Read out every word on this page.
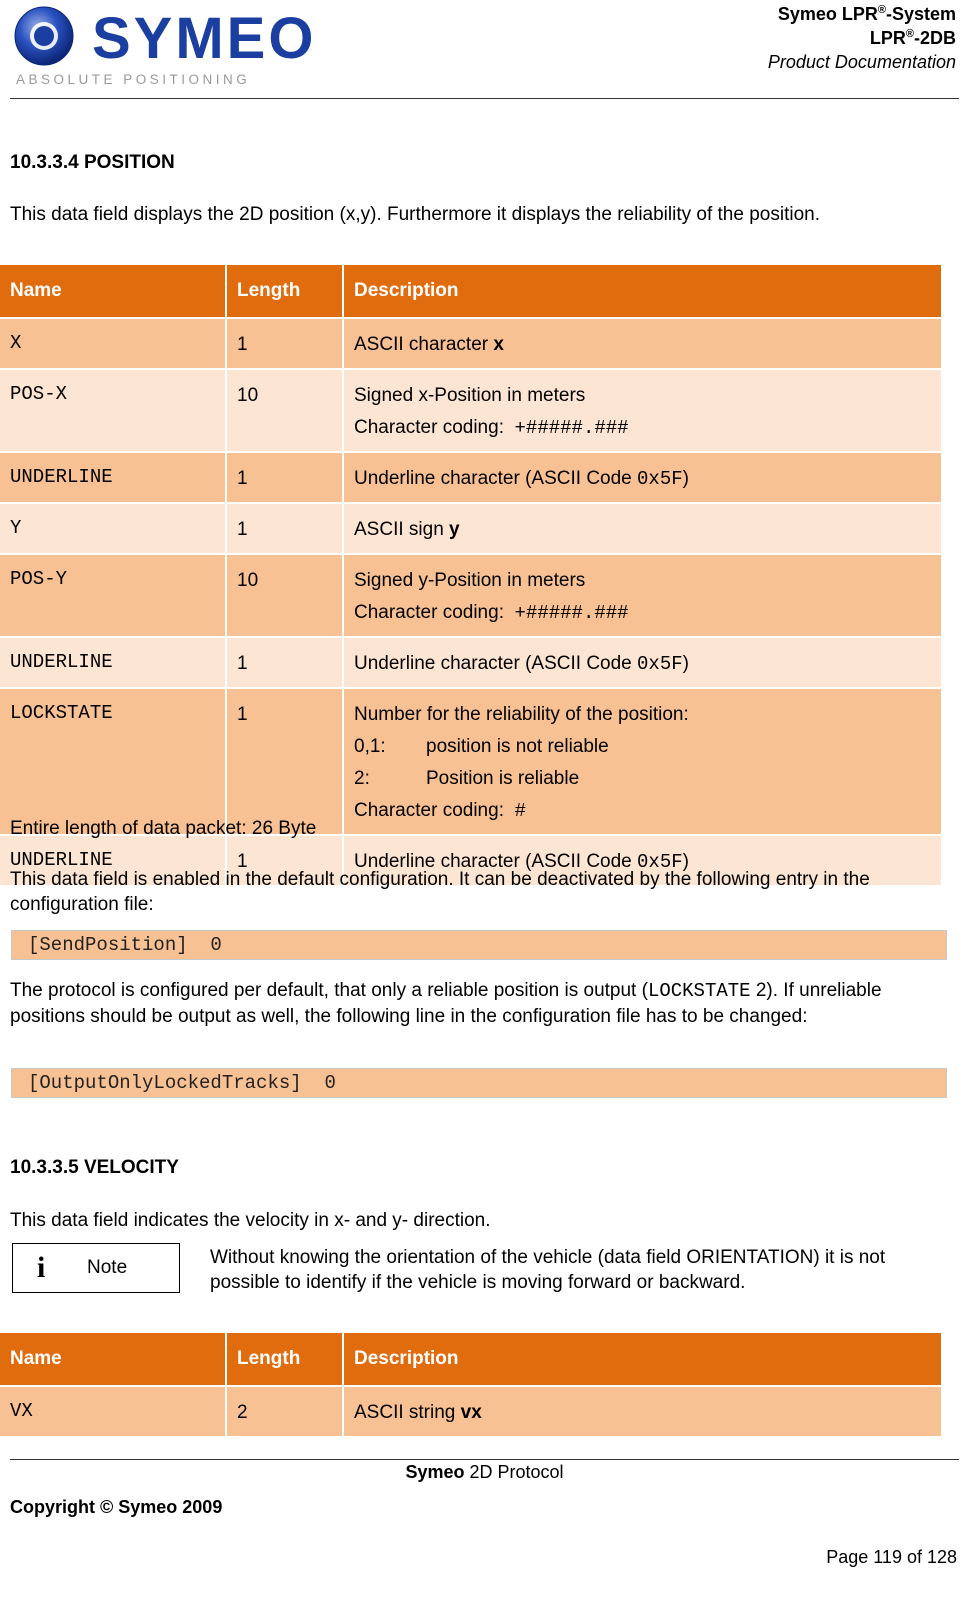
SYMEO
ABSOLUTE POSITIONING
Symeo LPR®-System
LPR®-2DB
Product Documentation
10.3.3.4 POSITION
This data field displays the 2D position (x,y). Furthermore it displays the reliability of the position.
Name	Length	Description
X	1	ASCII character x
POS-X	10	Signed x-Position in meters
Character coding: +#####.###

UNDERLINE	1	Underline character (ASCII Code 0x5F)
Y	1	ASCII sign y
POS-Y	10	Signed y-Position in meters
Character coding: +#####.###

UNDERLINE	1	Underline character (ASCII Code 0x5F)
LOCKSTATE	1	Number for the reliability of the position:
0,1: position is not reliable
2: Position is reliable
Character coding: #

UNDERLINE	1	Underline character (ASCII Code 0x5F)
Entire length of data packet: 26 Byte
This data field is enabled in the default configuration. It can be deactivated by the following entry in the configuration file:
[SendPosition]  0
The protocol is configured per default, that only a reliable position is output (LOCKSTATE 2). If unreliable positions should be output as well, the following line in the configuration file has to be changed:
[OutputOnlyLockedTracks]  0
10.3.3.5 VELOCITY
This data field indicates the velocity in x- and y- direction.
i	Note	Without knowing the orientation of the vehicle (data field ORIENTATION) it is not possible to identify if the vehicle is moving forward or backward.
Name	Length	Description
VX	2	ASCII string vx
Symeo 2D Protocol
Copyright © Symeo 2009
Page 119 of 128
